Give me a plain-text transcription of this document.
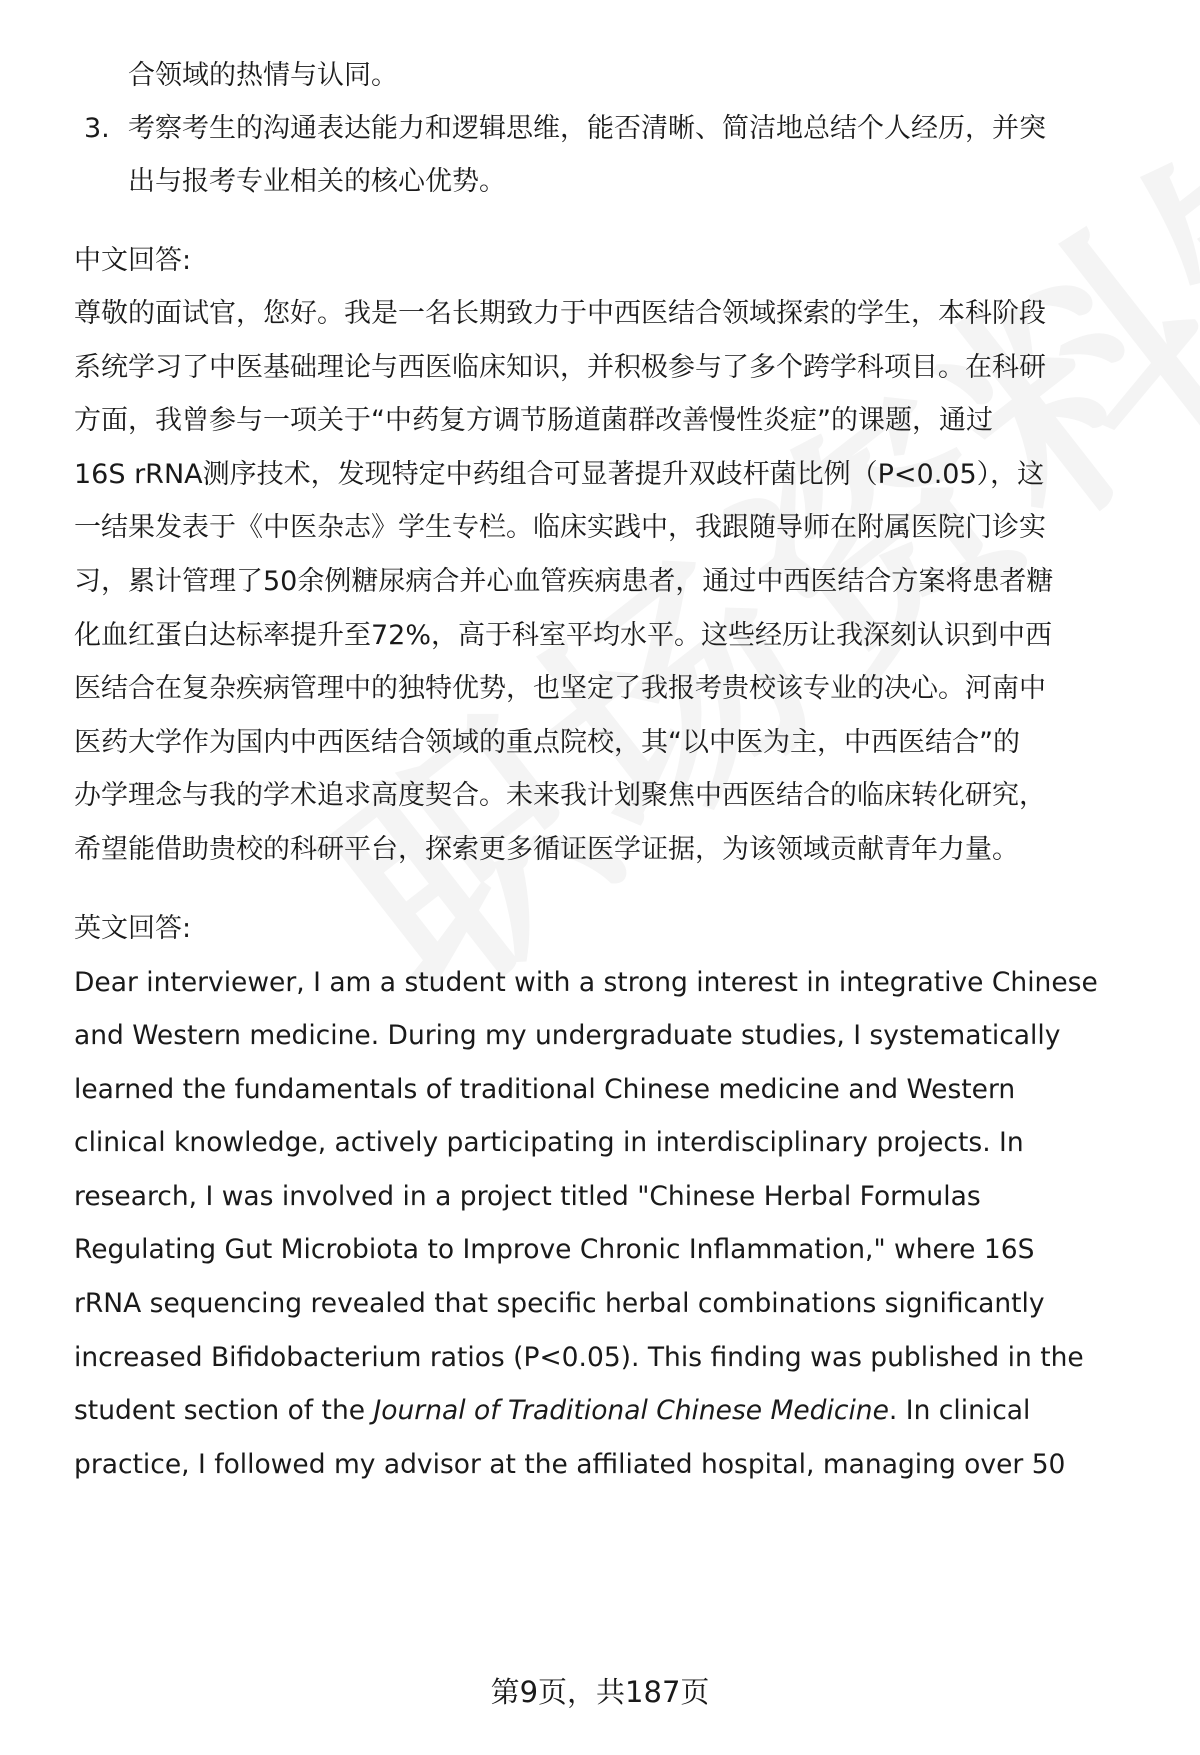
合领域的热情与认同。
3. 考察考生的沟通表达能力和逻辑思维，能否清晰、简洁地总结个人经历，并突
出与报考专业相关的核心优势。
中文回答:
尊敬的面试官，您好。我是一名长期致力于中西医结合领域探索的学生，本科阶段
系统学习了中医基础理论与西医临床知识，并积极参与了多个跨学科项目。在科研
方面，我曾参与一项关于“中药复方调节肠道菌群改善慢性炎症”的课题，通过
16S rRNA测序技术，发现特定中药组合可显著提升双歧杆菌比例（P<0.05），这
一结果发表于《中医杂志》学生专栏。临床实践中，我跟随导师在附属医院门诊实
习，累计管理了50余例糖尿病合并心血管疾病患者，通过中西医结合方案将患者糖
化血红蛋白达标率提升至72%，高于科室平均水平。这些经历让我深刻认识到中西
医结合在复杂疾病管理中的独特优势，也坚定了我报考贵校该专业的决心。河南中
医药大学作为国内中西医结合领域的重点院校，其“以中医为主，中西医结合”的
办学理念与我的学术追求高度契合。未来我计划聚焦中西医结合的临床转化研究，
希望能借助贵校的科研平台，探索更多循证医学证据，为该领域贡献青年力量。
英文回答:
Dear interviewer, I am a student with a strong interest in integrative Chinese
and Western medicine. During my undergraduate studies, I systematically
learned the fundamentals of traditional Chinese medicine and Western
clinical knowledge, actively participating in interdisciplinary projects. In
research, I was involved in a project titled "Chinese Herbal Formulas
Regulating Gut Microbiota to Improve Chronic Inflammation," where 16S
rRNA sequencing revealed that specific herbal combinations significantly
increased Bifidobacterium ratios (P<0.05). This finding was published in the
student section of the Journal of Traditional Chinese Medicine. In clinical
practice, I followed my advisor at the affiliated hospital, managing over 50
第9页，共187页
